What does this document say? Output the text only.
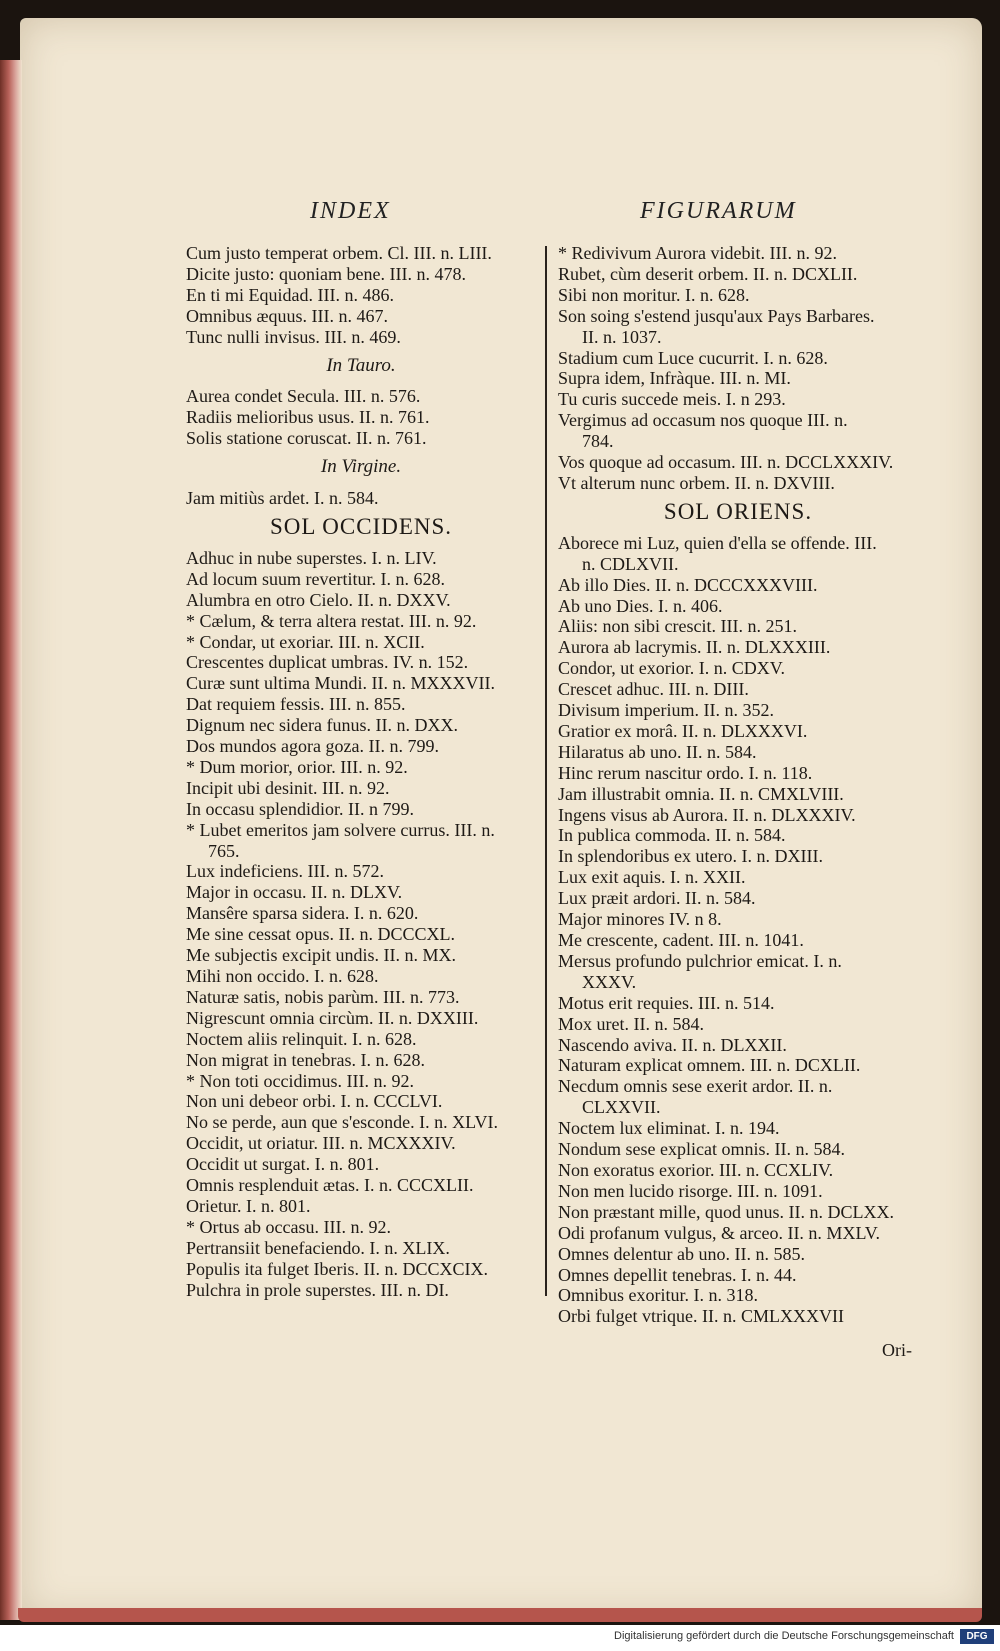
INDEX	FIGURARUM
Cum justo temperat orbem. Cl. III. n. LIII.
Dicite justo: quoniam bene. III. n. 478.
En ti mi Equidad. III. n. 486.
Omnibus æquus. III. n. 467.
Tunc nulli invisus. III. n. 469.
In Tauro.
Aurea condet Secula. III. n. 576.
Radiis melioribus usus. II. n. 761.
Solis statione coruscat. II. n. 761.
In Virgine.
Jam mitiùs ardet. I. n. 584.
SOL OCCIDENS.
Adhuc in nube superstes. I. n. LIV.
Ad locum suum revertitur. I. n. 628.
Alumbra en otro Cielo. II. n. DXXV.
* Cælum, & terra altera restat. III. n. 92.
* Condar, ut exoriar. III. n. XCII.
Crescentes duplicat umbras. IV. n. 152.
Curæ sunt ultima Mundi. II. n. MXXXVII.
Dat requiem fessis. III. n. 855.
Dignum nec sidera funus. II. n. DXX.
Dos mundos agora goza. II. n. 799.
* Dum morior, orior. III. n. 92.
Incipit ubi desinit. III. n. 92.
In occasu splendidior. II. n 799.
* Lubet emeritos jam solvere currus. III. n.
765.
Lux indeficiens. III. n. 572.
Major in occasu. II. n. DLXV.
Mansêre sparsa sidera. I. n. 620.
Me sine cessat opus. II. n. DCCCXL.
Me subjectis excipit undis. II. n. MX.
Mihi non occido. I. n. 628.
Naturæ satis, nobis parùm. III. n. 773.
Nigrescunt omnia circùm. II. n. DXXIII.
Noctem aliis relinquit. I. n. 628.
Non migrat in tenebras. I. n. 628.
* Non toti occidimus. III. n. 92.
Non uni debeor orbi. I. n. CCCLVI.
No se perde, aun que s'esconde. I. n. XLVI.
Occidit, ut oriatur. III. n. MCXXXIV.
Occidit ut surgat. I. n. 801.
Omnis resplenduit ætas. I. n. CCCXLII.
Orietur. I. n. 801.
* Ortus ab occasu. III. n. 92.
Pertransiit benefaciendo. I. n. XLIX.
Populis ita fulget Iberis. II. n. DCCXCIX.
Pulchra in prole superstes. III. n. DI.
* Redivivum Aurora videbit. III. n. 92.
Rubet, cùm deserit orbem. II. n. DCXLII.
Sibi non moritur. I. n. 628.
Son soing s'estend jusqu'aux Pays Barbares.
II. n. 1037.
Stadium cum Luce cucurrit. I. n. 628.
Supra idem, Infràque. III. n. MI.
Tu curis succede meis. I. n 293.
Vergimus ad occasum nos quoque III. n.
784.
Vos quoque ad occasum. III. n. DCCLXXXIV.
Vt alterum nunc orbem. II. n. DXVIII.
SOL ORIENS.
Aborece mi Luz, quien d'ella se offende. III.
n. CDLXVII.
Ab illo Dies. II. n. DCCCXXXVIII.
Ab uno Dies. I. n. 406.
Aliis: non sibi crescit. III. n. 251.
Aurora ab lacrymis. II. n. DLXXXIII.
Condor, ut exorior. I. n. CDXV.
Crescet adhuc. III. n. DIII.
Divisum imperium. II. n. 352.
Gratior ex morâ. II. n. DLXXXVI.
Hilaratus ab uno. II. n. 584.
Hinc rerum nascitur ordo. I. n. 118.
Jam illustrabit omnia. II. n. CMXLVIII.
Ingens visus ab Aurora. II. n. DLXXXIV.
In publica commoda. II. n. 584.
In splendoribus ex utero. I. n. DXIII.
Lux exit aquis. I. n. XXII.
Lux præit ardori. II. n. 584.
Major minores IV. n 8.
Me crescente, cadent. III. n. 1041.
Mersus profundo pulchrior emicat. I. n.
XXXV.
Motus erit requies. III. n. 514.
Mox uret. II. n. 584.
Nascendo aviva. II. n. DLXXII.
Naturam explicat omnem. III. n. DCXLII.
Necdum omnis sese exerit ardor. II. n.
CLXXVII.
Noctem lux eliminat. I. n. 194.
Nondum sese explicat omnis. II. n. 584.
Non exoratus exorior. III. n. CCXLIV.
Non men lucido risorge. III. n. 1091.
Non præstant mille, quod unus. II. n. DCLXX.
Odi profanum vulgus, & arceo. II. n. MXLV.
Omnes delentur ab uno. II. n. 585.
Omnes depellit tenebras. I. n. 44.
Omnibus exoritur. I. n. 318.
Orbi fulget vtrique. II. n. CMLXXXVII
Ori-
Digitalisierung gefördert durch die Deutsche Forschungsgemeinschaft	DFG
